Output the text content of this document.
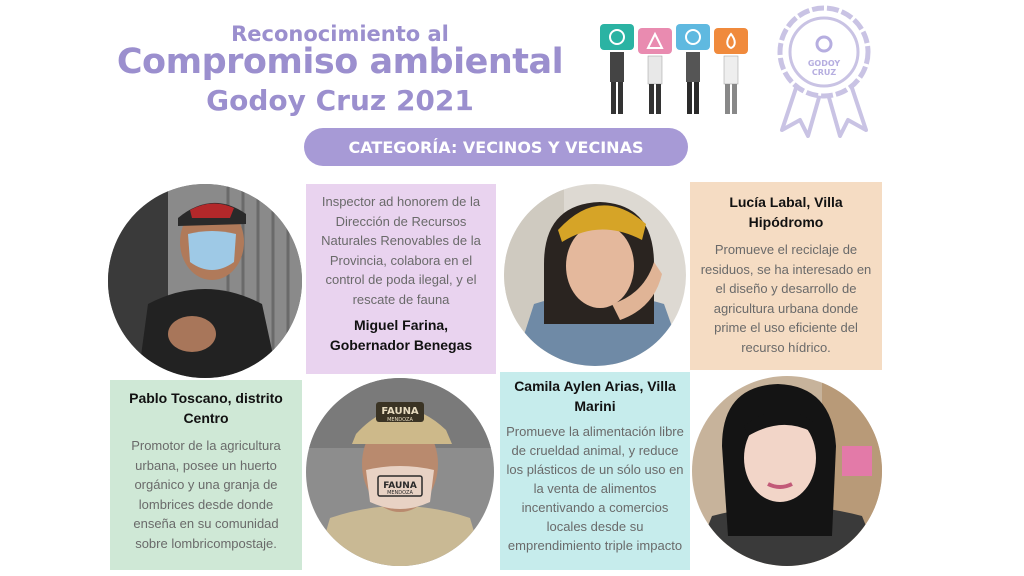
Reconocimiento al
Compromiso ambiental
Godoy Cruz 2021
GODOY
CRUZ
CATEGORÍA: VECINOS Y VECINAS
Inspector ad honorem de la Dirección de Recursos Naturales Renovables de la Provincia, colabora en el control de poda ilegal, y el rescate de fauna
Miguel Farina, Gobernador Benegas
Lucía Labal, Villa Hipódromo
Promueve el reciclaje de residuos, se ha interesado en el diseño y desarrollo de agricultura urbana donde prime el uso eficiente del recurso hídrico.
Pablo Toscano, distrito Centro
Promotor de la agricultura urbana, posee un huerto orgánico y una granja de lombrices desde donde enseña en su comunidad sobre lombricompostaje.
FAUNA
MENDOZA
FAUNA
MENDOZA
Camila Aylen Arias, Villa Marini
Promueve la alimentación libre de crueldad animal, y reduce los plásticos de un sólo uso en la venta de alimentos incentivando a comercios locales desde su emprendimiento triple impacto
